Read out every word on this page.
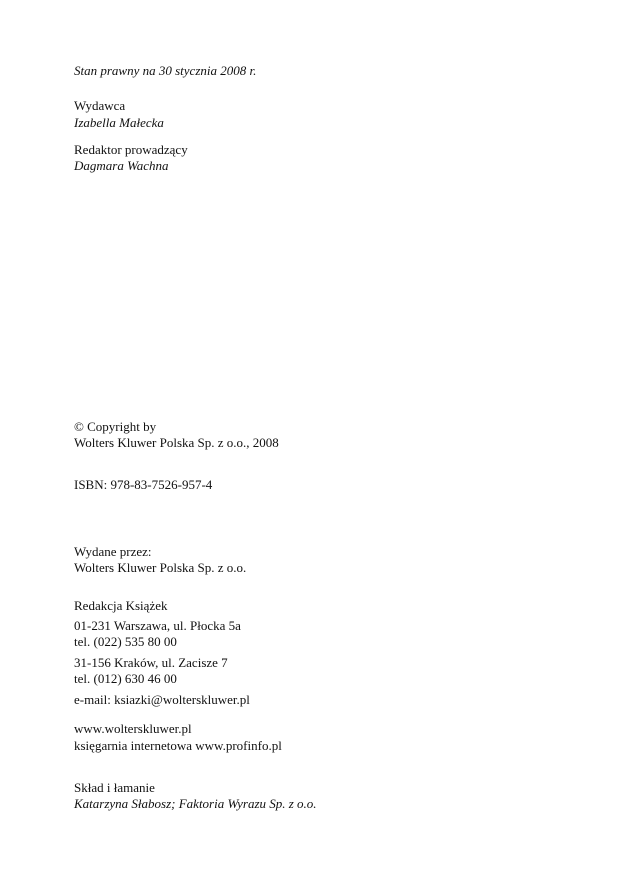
Stan prawny na 30 stycznia 2008 r.
Wydawca
Izabella Małecka
Redaktor prowadzący
Dagmara Wachna
© Copyright by
Wolters Kluwer Polska Sp. z o.o., 2008
ISBN: 978-83-7526-957-4
Wydane przez:
Wolters Kluwer Polska Sp. z o.o.
Redakcja Książek
01-231 Warszawa, ul. Płocka 5a
tel. (022) 535 80 00
31-156 Kraków, ul. Zacisze 7
tel. (012) 630 46 00
e-mail: ksiazki@wolterskluwer.pl
www.wolterskluwer.pl
księgarnia internetowa www.profinfo.pl
Skład i łamanie
Katarzyna Słabosz; Faktoria Wyrazu Sp. z o.o.
